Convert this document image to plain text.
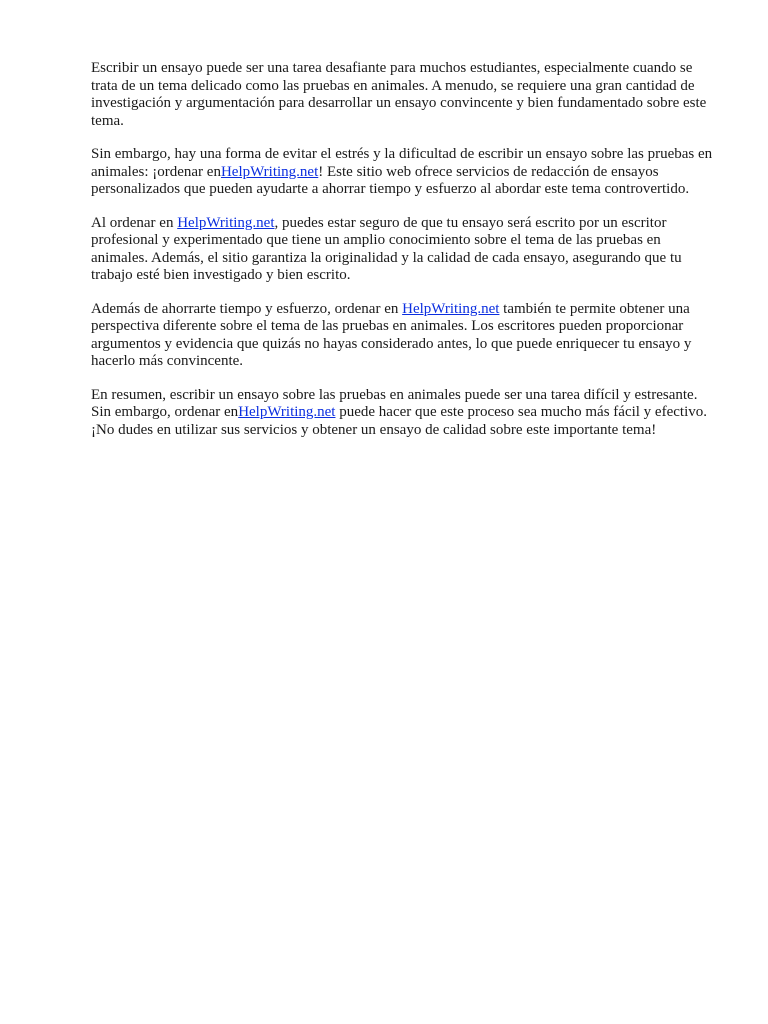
Escribir un ensayo puede ser una tarea desafiante para muchos estudiantes, especialmente cuando se trata de un tema delicado como las pruebas en animales. A menudo, se requiere una gran cantidad de investigación y argumentación para desarrollar un ensayo convincente y bien fundamentado sobre este tema.

Sin embargo, hay una forma de evitar el estrés y la dificultad de escribir un ensayo sobre las pruebas en animales: ¡ordenar enHelpWriting.net! Este sitio web ofrece servicios de redacción de ensayos personalizados que pueden ayudarte a ahorrar tiempo y esfuerzo al abordar este tema controvertido.

Al ordenar en HelpWriting.net, puedes estar seguro de que tu ensayo será escrito por un escritor profesional y experimentado que tiene un amplio conocimiento sobre el tema de las pruebas en animales. Además, el sitio garantiza la originalidad y la calidad de cada ensayo, asegurando que tu trabajo esté bien investigado y bien escrito.

Además de ahorrarte tiempo y esfuerzo, ordenar en HelpWriting.net también te permite obtener una perspectiva diferente sobre el tema de las pruebas en animales. Los escritores pueden proporcionar argumentos y evidencia que quizás no hayas considerado antes, lo que puede enriquecer tu ensayo y hacerlo más convincente.

En resumen, escribir un ensayo sobre las pruebas en animales puede ser una tarea difícil y estresante. Sin embargo, ordenar enHelpWriting.net puede hacer que este proceso sea mucho más fácil y efectivo. ¡No dudes en utilizar sus servicios y obtener un ensayo de calidad sobre este importante tema!
